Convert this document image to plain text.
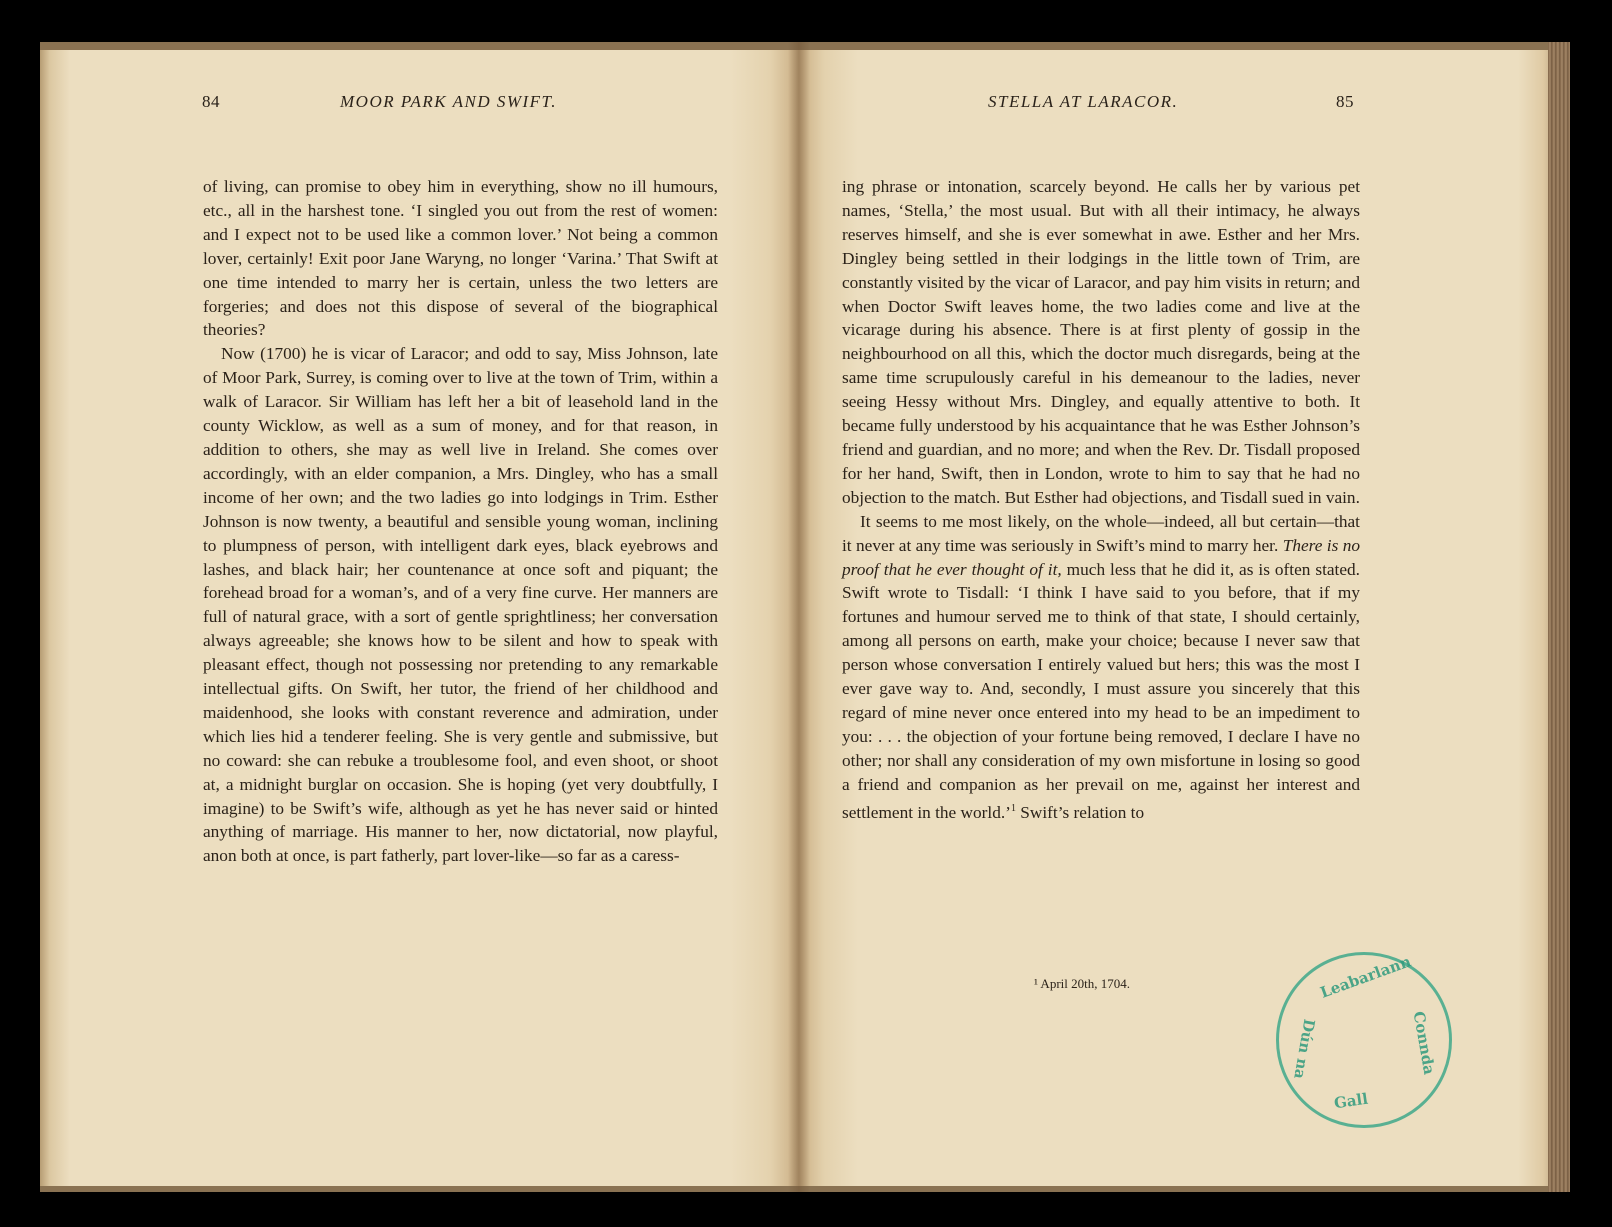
84	MOOR PARK AND SWIFT.	STELLA AT LARACOR.	85

of living, can promise to obey him in everything, show no ill humours, etc., all in the harshest tone. ‘I singled you out from the rest of women: and I expect not to be used like a common lover.’ Not being a common lover, certainly! Exit poor Jane Waryng, no longer ‘Varina.’ That Swift at one time intended to marry her is certain, unless the two letters are forgeries; and does not this dispose of several of the biographical theories?

Now (1700) he is vicar of Laracor; and odd to say, Miss Johnson, late of Moor Park, Surrey, is coming over to live at the town of Trim, within a walk of Laracor. Sir William has left her a bit of leasehold land in the county Wicklow, as well as a sum of money, and for that reason, in addition to others, she may as well live in Ireland. She comes over accordingly, with an elder companion, a Mrs. Dingley, who has a small income of her own; and the two ladies go into lodgings in Trim. Esther Johnson is now twenty, a beautiful and sensible young woman, inclining to plumpness of person, with intelligent dark eyes, black eyebrows and lashes, and black hair; her countenance at once soft and piquant; the forehead broad for a woman’s, and of a very fine curve. Her manners are full of natural grace, with a sort of gentle sprightliness; her conversation always agreeable; she knows how to be silent and how to speak with pleasant effect, though not possessing nor pretending to any remarkable intellectual gifts. On Swift, her tutor, the friend of her childhood and maidenhood, she looks with constant reverence and admiration, under which lies hid a tenderer feeling. She is very gentle and submissive, but no coward: she can rebuke a troublesome fool, and even shoot, or shoot at, a midnight burglar on occasion. She is hoping (yet very doubtfully, I imagine) to be Swift’s wife, although as yet he has never said or hinted anything of marriage. His manner to her, now dictatorial, now playful, anon both at once, is part fatherly, part lover-like—so far as a caress-

ing phrase or intonation, scarcely beyond. He calls her by various pet names, ‘Stella,’ the most usual. But with all their intimacy, he always reserves himself, and she is ever somewhat in awe. Esther and her Mrs. Dingley being settled in their lodgings in the little town of Trim, are constantly visited by the vicar of Laracor, and pay him visits in return; and when Doctor Swift leaves home, the two ladies come and live at the vicarage during his absence. There is at first plenty of gossip in the neighbourhood on all this, which the doctor much disregards, being at the same time scrupulously careful in his demeanour to the ladies, never seeing Hessy without Mrs. Dingley, and equally attentive to both. It became fully understood by his acquaintance that he was Esther Johnson’s friend and guardian, and no more; and when the Rev. Dr. Tisdall proposed for her hand, Swift, then in London, wrote to him to say that he had no objection to the match. But Esther had objections, and Tisdall sued in vain.

It seems to me most likely, on the whole—indeed, all but certain—that it never at any time was seriously in Swift’s mind to marry her. There is no proof that he ever thought of it, much less that he did it, as is often stated. Swift wrote to Tisdall: ‘I think I have said to you before, that if my fortunes and humour served me to think of that state, I should certainly, among all persons on earth, make your choice; because I never saw that person whose conversation I entirely valued but hers; this was the most I ever gave way to. And, secondly, I must assure you sincerely that this regard of mine never once entered into my head to be an impediment to you: . . . the objection of your fortune being removed, I declare I have no other; nor shall any consideration of my own misfortune in losing so good a friend and companion as her prevail on me, against her interest and settlement in the world.’$^1$ Swift’s relation to

¹ April 20th, 1704.	Leabarlann
Connda
Dún na
Gall
